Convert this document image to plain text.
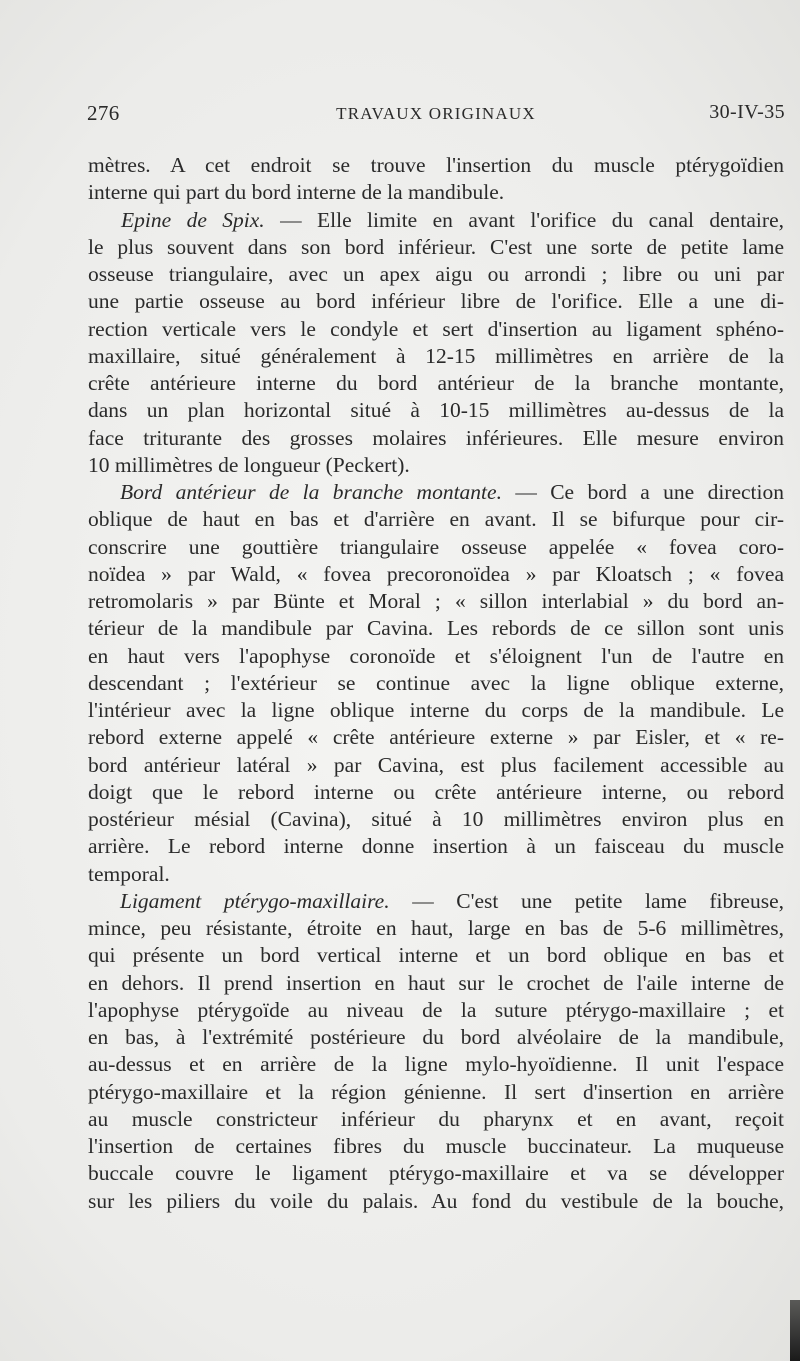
276	TRAVAUX ORIGINAUX	30-IV-35
mètres. A cet endroit se trouve l'insertion du muscle ptérygoïdien
interne qui part du bord interne de la mandibule.
Epine de Spix. — Elle limite en avant l'orifice du canal dentaire,
le plus souvent dans son bord inférieur. C'est une sorte de petite lame
osseuse triangulaire, avec un apex aigu ou arrondi ; libre ou uni par
une partie osseuse au bord inférieur libre de l'orifice. Elle a une di-
rection verticale vers le condyle et sert d'insertion au ligament sphéno-
maxillaire, situé généralement à 12-15 millimètres en arrière de la
crête antérieure interne du bord antérieur de la branche montante,
dans un plan horizontal situé à 10-15 millimètres au-dessus de la
face triturante des grosses molaires inférieures. Elle mesure environ
10 millimètres de longueur (Peckert).
Bord antérieur de la branche montante. — Ce bord a une direction
oblique de haut en bas et d'arrière en avant. Il se bifurque pour cir-
conscrire une gouttière triangulaire osseuse appelée « fovea coro-
noïdea » par Wald, « fovea precoronoïdea » par Kloatsch ; « fovea
retromolaris » par Bünte et Moral ; « sillon interlabial » du bord an-
térieur de la mandibule par Cavina. Les rebords de ce sillon sont unis
en haut vers l'apophyse coronoïde et s'éloignent l'un de l'autre en
descendant ; l'extérieur se continue avec la ligne oblique externe,
l'intérieur avec la ligne oblique interne du corps de la mandibule. Le
rebord externe appelé « crête antérieure externe » par Eisler, et « re-
bord antérieur latéral » par Cavina, est plus facilement accessible au
doigt que le rebord interne ou crête antérieure interne, ou rebord
postérieur mésial (Cavina), situé à 10 millimètres environ plus en
arrière. Le rebord interne donne insertion à un faisceau du muscle
temporal.
Ligament ptérygo-maxillaire. — C'est une petite lame fibreuse,
mince, peu résistante, étroite en haut, large en bas de 5-6 millimètres,
qui présente un bord vertical interne et un bord oblique en bas et
en dehors. Il prend insertion en haut sur le crochet de l'aile interne de
l'apophyse ptérygoïde au niveau de la suture ptérygo-maxillaire ; et
en bas, à l'extrémité postérieure du bord alvéolaire de la mandibule,
au-dessus et en arrière de la ligne mylo-hyoïdienne. Il unit l'espace
ptérygo-maxillaire et la région génienne. Il sert d'insertion en arrière
au muscle constricteur inférieur du pharynx et en avant, reçoit
l'insertion de certaines fibres du muscle buccinateur. La muqueuse
buccale couvre le ligament ptérygo-maxillaire et va se développer
sur les piliers du voile du palais. Au fond du vestibule de la bouche,
